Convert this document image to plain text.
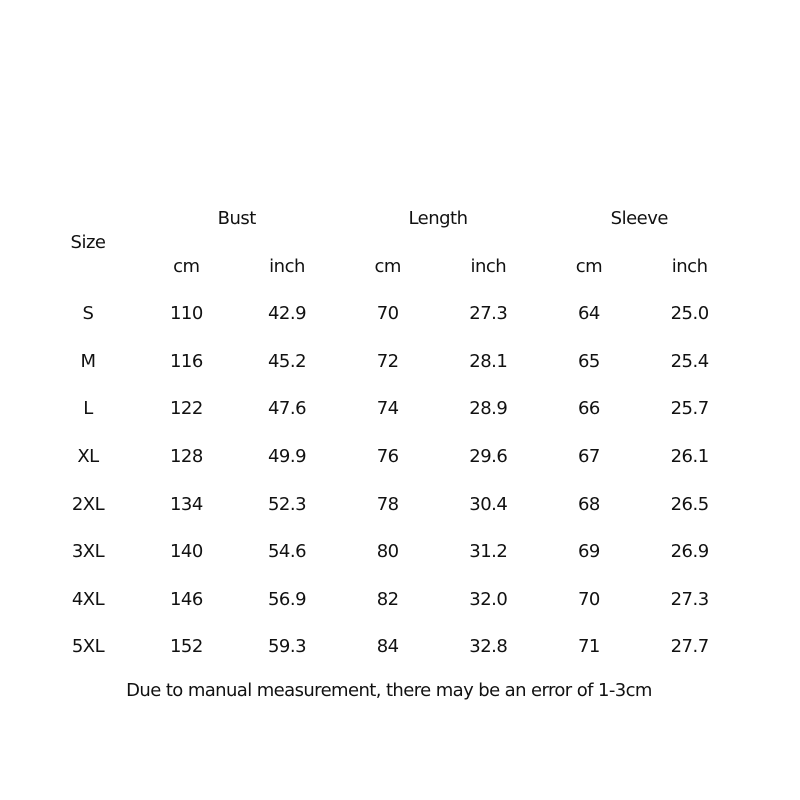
Size	Bust		Length		Sleeve	
	cm	inch	cm	inch	cm	inch
S	110	42.9	70	27.3	64	25.0
M	116	45.2	72	28.1	65	25.4
L	122	47.6	74	28.9	66	25.7
XL	128	49.9	76	29.6	67	26.1
2XL	134	52.3	78	30.4	68	26.5
3XL	140	54.6	80	31.2	69	26.9
4XL	146	56.9	82	32.0	70	27.3
5XL	152	59.3	84	32.8	71	27.7

Due to manual measurement, there may be an error of 1-3cm
